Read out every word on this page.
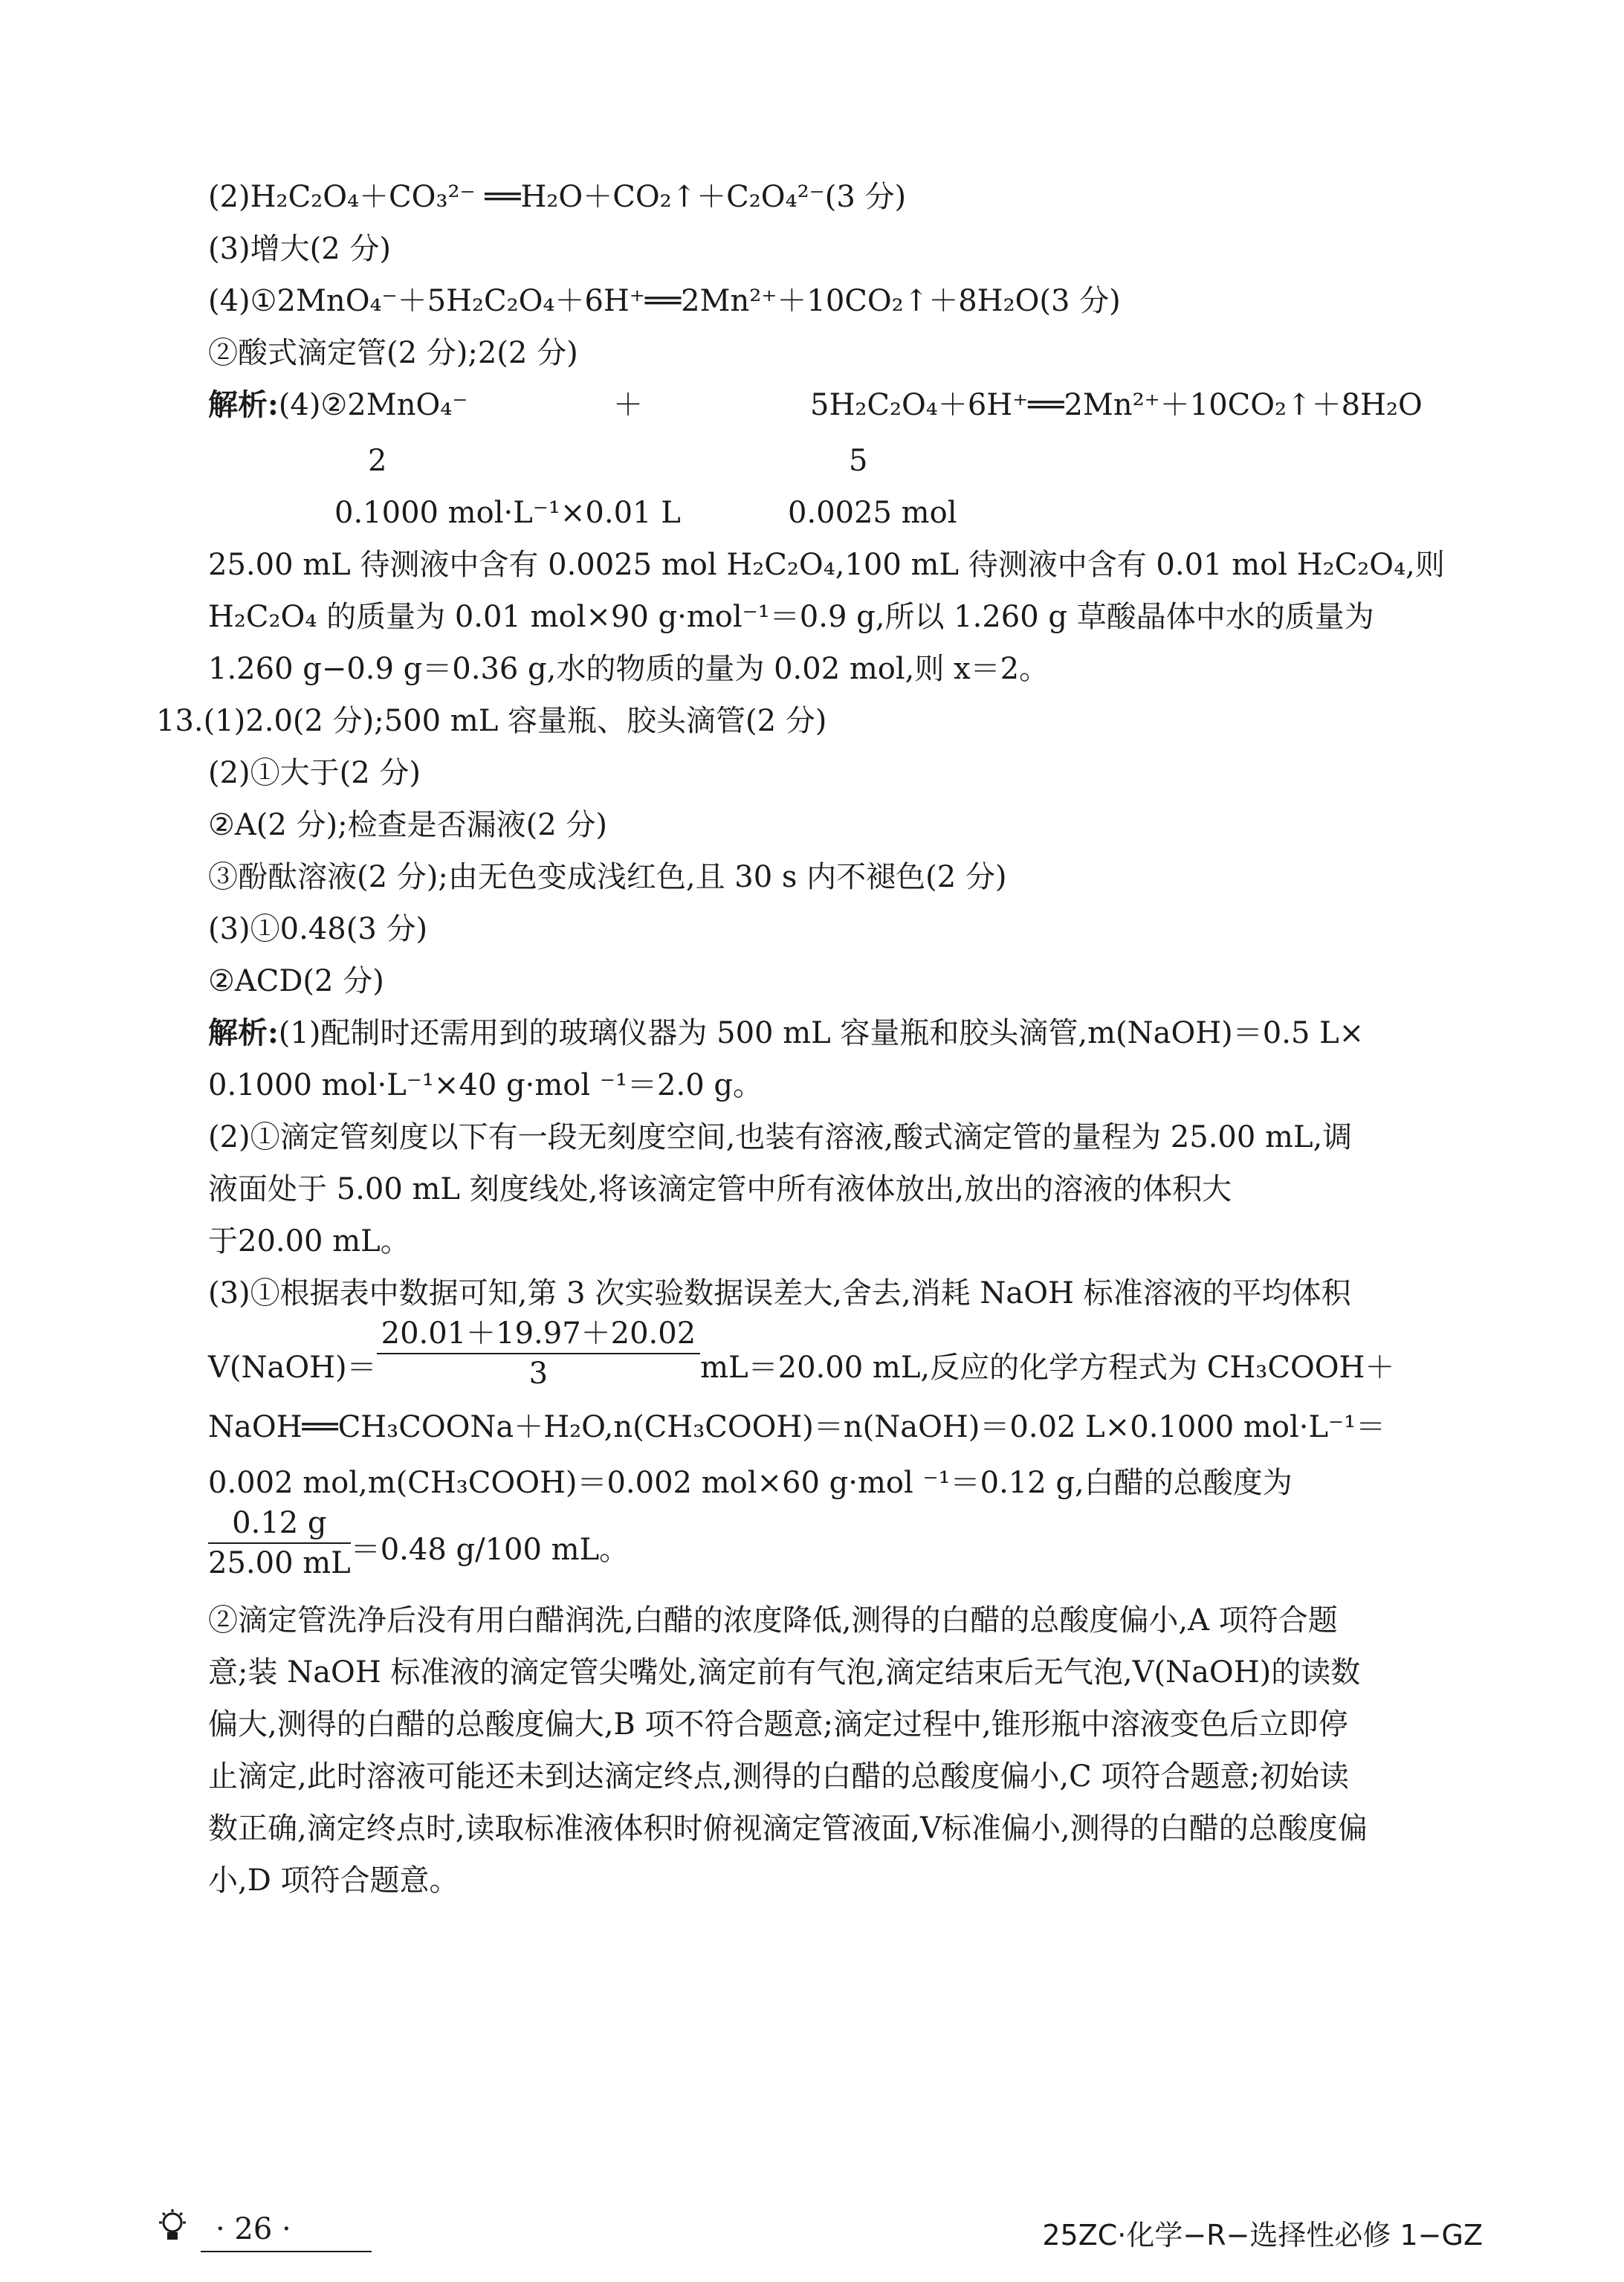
(2)H₂C₂O₄＋CO₃²⁻ ══H₂O＋CO₂↑＋C₂O₄²⁻(3 分)
(3)增大(2 分)
(4)①2MnO₄⁻＋5H₂C₂O₄＋6H⁺══2Mn²⁺＋10CO₂↑＋8H₂O(3 分)
②酸式滴定管(2 分);2(2 分)
解析:(4)②2MnO₄⁻	＋	5H₂C₂O₄＋6H⁺══2Mn²⁺＋10CO₂↑＋8H₂O
2	5
0.1000 mol·L⁻¹×0.01 L	0.0025 mol
25.00 mL 待测液中含有 0.0025 mol H₂C₂O₄,100 mL 待测液中含有 0.01 mol H₂C₂O₄,则
H₂C₂O₄ 的质量为 0.01 mol×90 g·mol⁻¹＝0.9 g,所以 1.260 g 草酸晶体中水的质量为
1.260 g−0.9 g＝0.36 g,水的物质的量为 0.02 mol,则 x＝2。
13.(1)2.0(2 分);500 mL 容量瓶、胶头滴管(2 分)
(2)①大于(2 分)
②A(2 分);检查是否漏液(2 分)
③酚酞溶液(2 分);由无色变成浅红色,且 30 s 内不褪色(2 分)
(3)①0.48(3 分)
②ACD(2 分)
解析:(1)配制时还需用到的玻璃仪器为 500 mL 容量瓶和胶头滴管,m(NaOH)＝0.5 L×
0.1000 mol·L⁻¹×40 g·mol ⁻¹＝2.0 g。
(2)①滴定管刻度以下有一段无刻度空间,也装有溶液,酸式滴定管的量程为 25.00 mL,调
液面处于 5.00 mL 刻度线处,将该滴定管中所有液体放出,放出的溶液的体积大
于20.00 mL。
(3)①根据表中数据可知,第 3 次实验数据误差大,舍去,消耗 NaOH 标准溶液的平均体积
V(NaOH)＝ $\frac{20.01+19.97+20.02}{3} mL=20.00$ mL,反应的化学方程式为 CH₃COOH＋
NaOH══CH₃COONa＋H₂O,n(CH₃COOH)＝n(NaOH)＝0.02 L×0.1000 mol·L⁻¹＝
0.002 mol,m(CH₃COOH)＝0.002 mol×60 g·mol ⁻¹＝0.12 g,白醋的总酸度为
$\frac{0.12 g}{25.00 mL} =0.48$ g/100 mL。
②滴定管洗净后没有用白醋润洗,白醋的浓度降低,测得的白醋的总酸度偏小,A 项符合题
意;装 NaOH 标准液的滴定管尖嘴处,滴定前有气泡,滴定结束后无气泡,V(NaOH)的读数
偏大,测得的白醋的总酸度偏大,B 项不符合题意;滴定过程中,锥形瓶中溶液变色后立即停
止滴定,此时溶液可能还未到达滴定终点,测得的白醋的总酸度偏小,C 项符合题意;初始读
数正确,滴定终点时,读取标准液体积时俯视滴定管液面,V标准偏小,测得的白醋的总酸度偏
小,D 项符合题意。
· 26 ·	25ZC·化学−R−选择性必修 1−GZ
